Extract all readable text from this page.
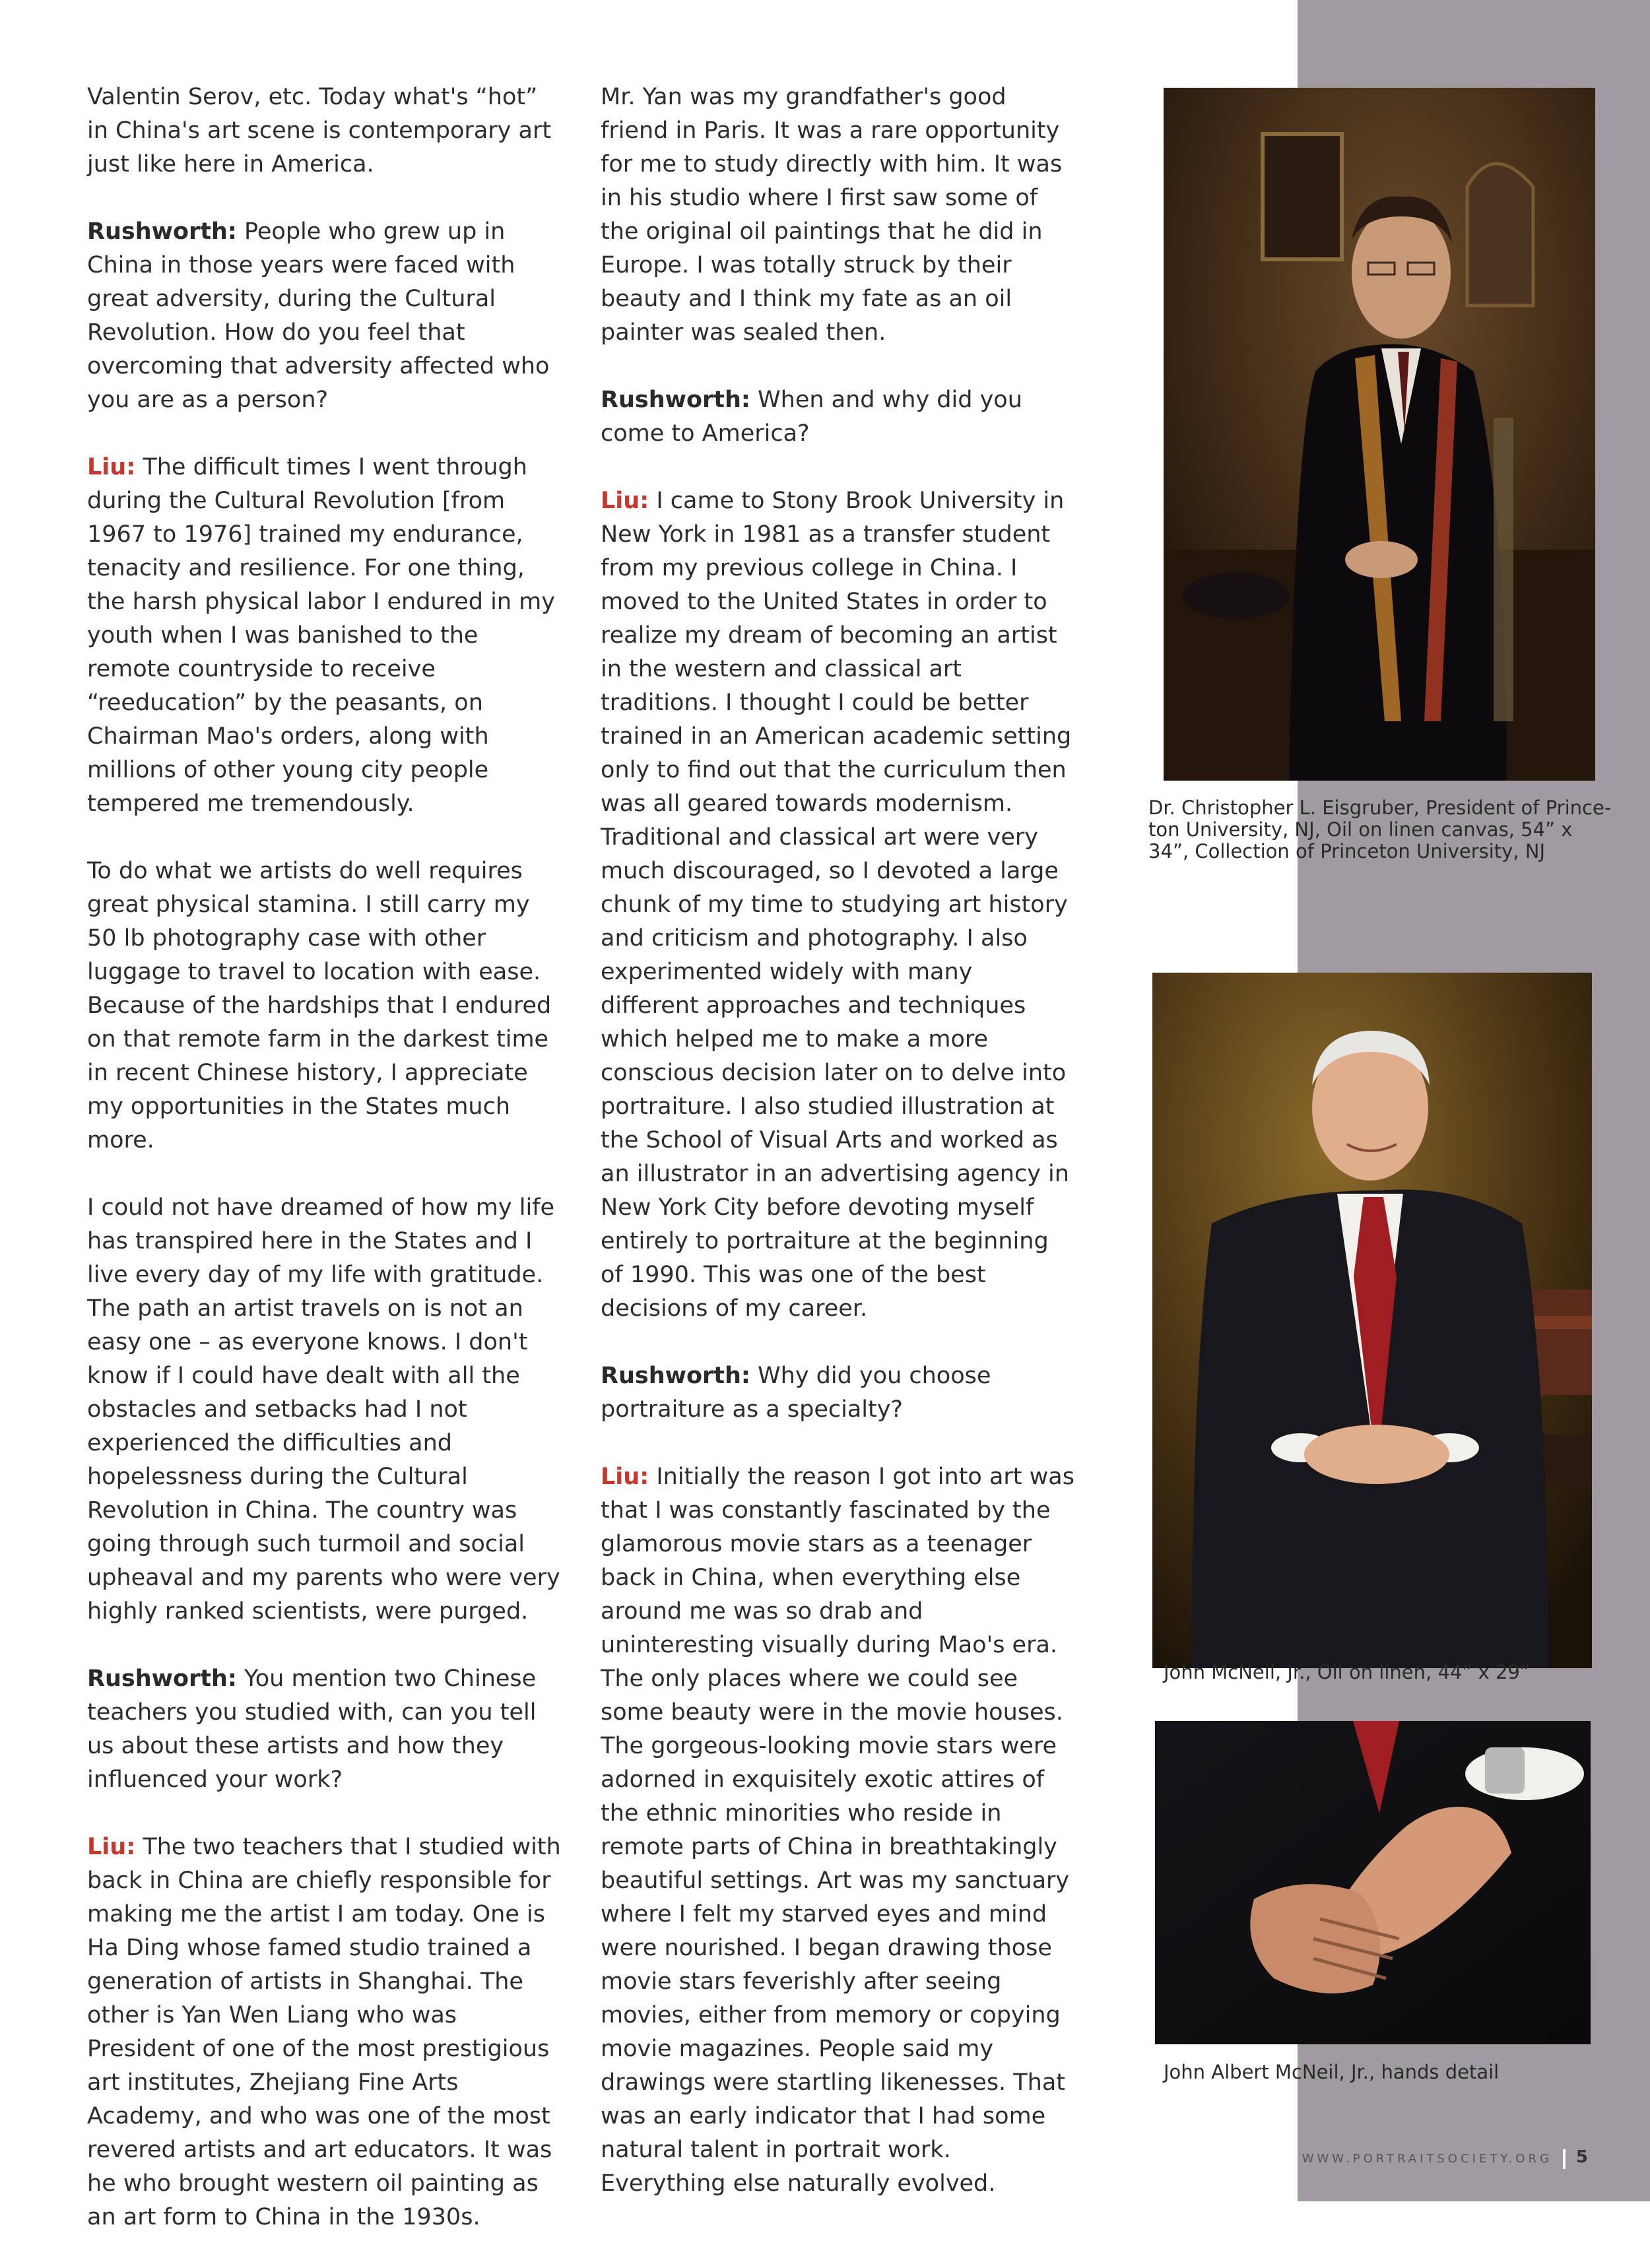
Valentin Serov, etc. Today what's “hot” in China's art scene is contemporary art just like here in America.

Rushworth: People who grew up in China in those years were faced with great adversity, during the Cultural Revolution. How do you feel that overcoming that adversity affected who you are as a person?

Liu: The difficult times I went through during the Cultural Revolution [from 1967 to 1976] trained my endurance, tenacity and resilience. For one thing, the harsh physical labor I endured in my youth when I was banished to the remote countryside to receive “reeducation” by the peasants, on Chairman Mao's orders, along with millions of other young city people tempered me tremendously.

To do what we artists do well requires great physical stamina. I still carry my 50 lb photography case with other luggage to travel to location with ease. Because of the hardships that I endured on that remote farm in the darkest time in recent Chinese history, I appreciate my opportunities in the States much more.

I could not have dreamed of how my life has transpired here in the States and I live every day of my life with gratitude. The path an artist travels on is not an easy one – as everyone knows. I don't know if I could have dealt with all the obstacles and setbacks had I not experienced the difficulties and hopelessness during the Cultural Revolution in China. The country was going through such turmoil and social upheaval and my parents who were very highly ranked scientists, were purged.

Rushworth: You mention two Chinese teachers you studied with, can you tell us about these artists and how they influenced your work?

Liu: The two teachers that I studied with back in China are chiefly responsible for making me the artist I am today. One is Ha Ding whose famed studio trained a generation of artists in Shanghai. The other is Yan Wen Liang who was President of one of the most prestigious art institutes, Zhejiang Fine Arts Academy, and who was one of the most revered artists and art educators. It was he who brought western oil painting as an art form to China in the 1930s.

Mr. Yan was my grandfather's good friend in Paris. It was a rare opportunity for me to study directly with him. It was in his studio where I first saw some of the original oil paintings that he did in Europe. I was totally struck by their beauty and I think my fate as an oil painter was sealed then.

Rushworth: When and why did you come to America?

Liu: I came to Stony Brook University in New York in 1981 as a transfer student from my previous college in China. I moved to the United States in order to realize my dream of becoming an artist in the western and classical art traditions. I thought I could be better trained in an American academic setting only to find out that the curriculum then was all geared towards modernism. Traditional and classical art were very much discouraged, so I devoted a large chunk of my time to studying art history and criticism and photography. I also experimented widely with many different approaches and techniques which helped me to make a more conscious decision later on to delve into portraiture. I also studied illustration at the School of Visual Arts and worked as an illustrator in an advertising agency in New York City before devoting myself entirely to portraiture at the beginning of 1990. This was one of the best decisions of my career.

Rushworth: Why did you choose portraiture as a specialty?

Liu: Initially the reason I got into art was that I was constantly fascinated by the glamorous movie stars as a teenager back in China, when everything else around me was so drab and uninteresting visually during Mao's era. The only places where we could see some beauty were in the movie houses. The gorgeous-looking movie stars were adorned in exquisitely exotic attires of the ethnic minorities who reside in remote parts of China in breathtakingly beautiful settings. Art was my sanctuary where I felt my starved eyes and mind were nourished. I began drawing those movie stars feverishly after seeing movies, either from memory or copying movie magazines. People said my drawings were startling likenesses. That was an early indicator that I had some natural talent in portrait work. Everything else naturally evolved.

Dr. Christopher L. Eisgruber, President of Prince-ton University, NJ, Oil on linen canvas, 54” x 34”, Collection of Princeton University, NJ
John McNeil, Jr., Oil on linen, 44” x 29”
John Albert McNeil, Jr., hands detail
WWW.PORTRAITSOCIETY.ORG 5
